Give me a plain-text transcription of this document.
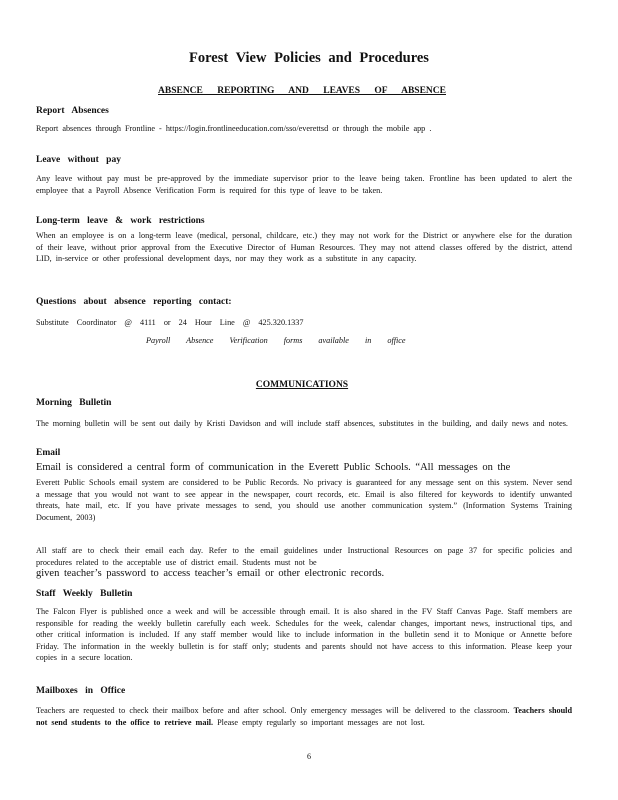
Forest View Policies and Procedures
ABSENCE REPORTING AND LEAVES OF ABSENCE
Report Absences
Report absences through Frontline - https://login.frontlineeducation.com/sso/everettsd or through the mobile app .
Leave without pay
Any leave without pay must be pre-approved by the immediate supervisor prior to the leave being taken. Frontline has been updated to alert the employee that a Payroll Absence Verification Form is required for this type of leave to be taken.
Long-term leave & work restrictions
When an employee is on a long-term leave (medical, personal, childcare, etc.) they may not work for the District or anywhere else for the duration of their leave, without prior approval from the Executive Director of Human Resources. They may not attend classes offered by the district, attend LID, in-service or other professional development days, nor may they work as a substitute in any capacity.
Questions about absence reporting contact:
Substitute Coordinator @ 4111 or 24 Hour Line @ 425.320.1337
Payroll Absence Verification forms available in office
COMMUNICATIONS
Morning Bulletin
The morning bulletin will be sent out daily by Kristi Davidson and will include staff absences, substitutes in the building, and daily news and notes.
Email
Email is considered a central form of communication in the Everett Public Schools. “All messages on the
Everett Public Schools email system are considered to be Public Records. No privacy is guaranteed for any message sent on this system. Never send a message that you would not want to see appear in the newspaper, court records, etc. Email is also filtered for keywords to identify unwanted threats, hate mail, etc. If you have private messages to send, you should use another communication system.” (Information Systems Training Document, 2003)
All staff are to check their email each day. Refer to the email guidelines under Instructional Resources on page 37 for specific policies and procedures related to the acceptable use of district email. Students must not be
given teacher’s password to access teacher’s email or other electronic records.
Staff Weekly Bulletin
The Falcon Flyer is published once a week and will be accessible through email. It is also shared in the FV Staff Canvas Page. Staff members are responsible for reading the weekly bulletin carefully each week. Schedules for the week, calendar changes, important news, instructional tips, and other critical information is included. If any staff member would like to include information in the bulletin send it to Monique or Annette before Friday. The information in the weekly bulletin is for staff only; students and parents should not have access to this information. Please keep your copies in a secure location.
Mailboxes in Office
Teachers are requested to check their mailbox before and after school. Only emergency messages will be delivered to the classroom. Teachers should not send students to the office to retrieve mail. Please empty regularly so important messages are not lost.
6
